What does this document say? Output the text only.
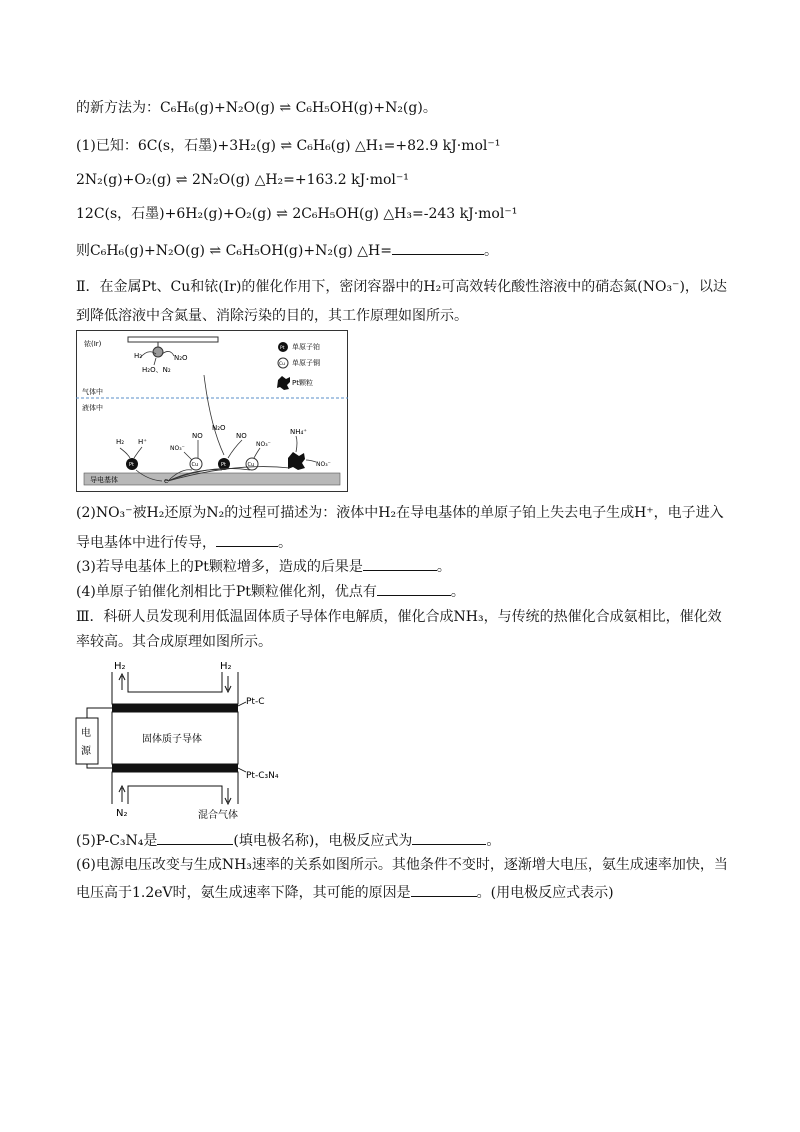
的新方法为：C₆H₆(g)+N₂O(g) ⇌ C₆H₅OH(g)+N₂(g)。
(1)已知：6C(s，石墨)+3H₂(g) ⇌ C₆H₆(g) △H₁=+82.9 kJ·mol⁻¹
2N₂(g)+O₂(g) ⇌ 2N₂O(g) △H₂=+163.2 kJ·mol⁻¹
12C(s，石墨)+6H₂(g)+O₂(g) ⇌ 2C₆H₅OH(g) △H₃=-243 kJ·mol⁻¹
则C₆H₆(g)+N₂O(g) ⇌ C₆H₅OH(g)+N₂(g) △H=	。
Ⅱ．在金属Pt、Cu和铱(Ir)的催化作用下，密闭容器中的H₂可高效转化酸性溶液中的硝态氮(NO₃⁻)，以达
到降低溶液中含氮量、消除污染的目的，其工作原理如图所示。
铱(Ir)
H₂	N₂O
H₂O、N₂
Pt 单原子铂
Cu 单原子铜
Pt颗粒
气体中
液体中
N₂O
导电基体	e
Pt	Cu	Pt	Cu
H₂ H⁺
NO₃⁻
NO	NO
NO₃⁻
NH₄⁺
NO₃⁻
(2)NO₃⁻被H₂还原为N₂的过程可描述为：液体中H₂在导电基体的单原子铂上失去电子生成H⁺，电子进入
导电基体中进行传导，	。
(3)若导电基体上的Pt颗粒增多，造成的后果是	。
(4)单原子铂催化剂相比于Pt颗粒催化剂，优点有	。
Ⅲ．科研人员发现利用低温固体质子导体作电解质，催化合成NH₃，与传统的热催化合成氨相比，催化效
率较高。其合成原理如图所示。
H₂	H₂
固体质子导体
Pt-C
Pt-C₃N₄
N₂	混合气体
电
源
(5)P-C₃N₄是	(填电极名称)，电极反应式为	。
(6)电源电压改变与生成NH₃速率的关系如图所示。其他条件不变时，逐渐增大电压，氨生成速率加快，当
电压高于1.2eV时，氨生成速率下降，其可能的原因是	。(用电极反应式表示)
